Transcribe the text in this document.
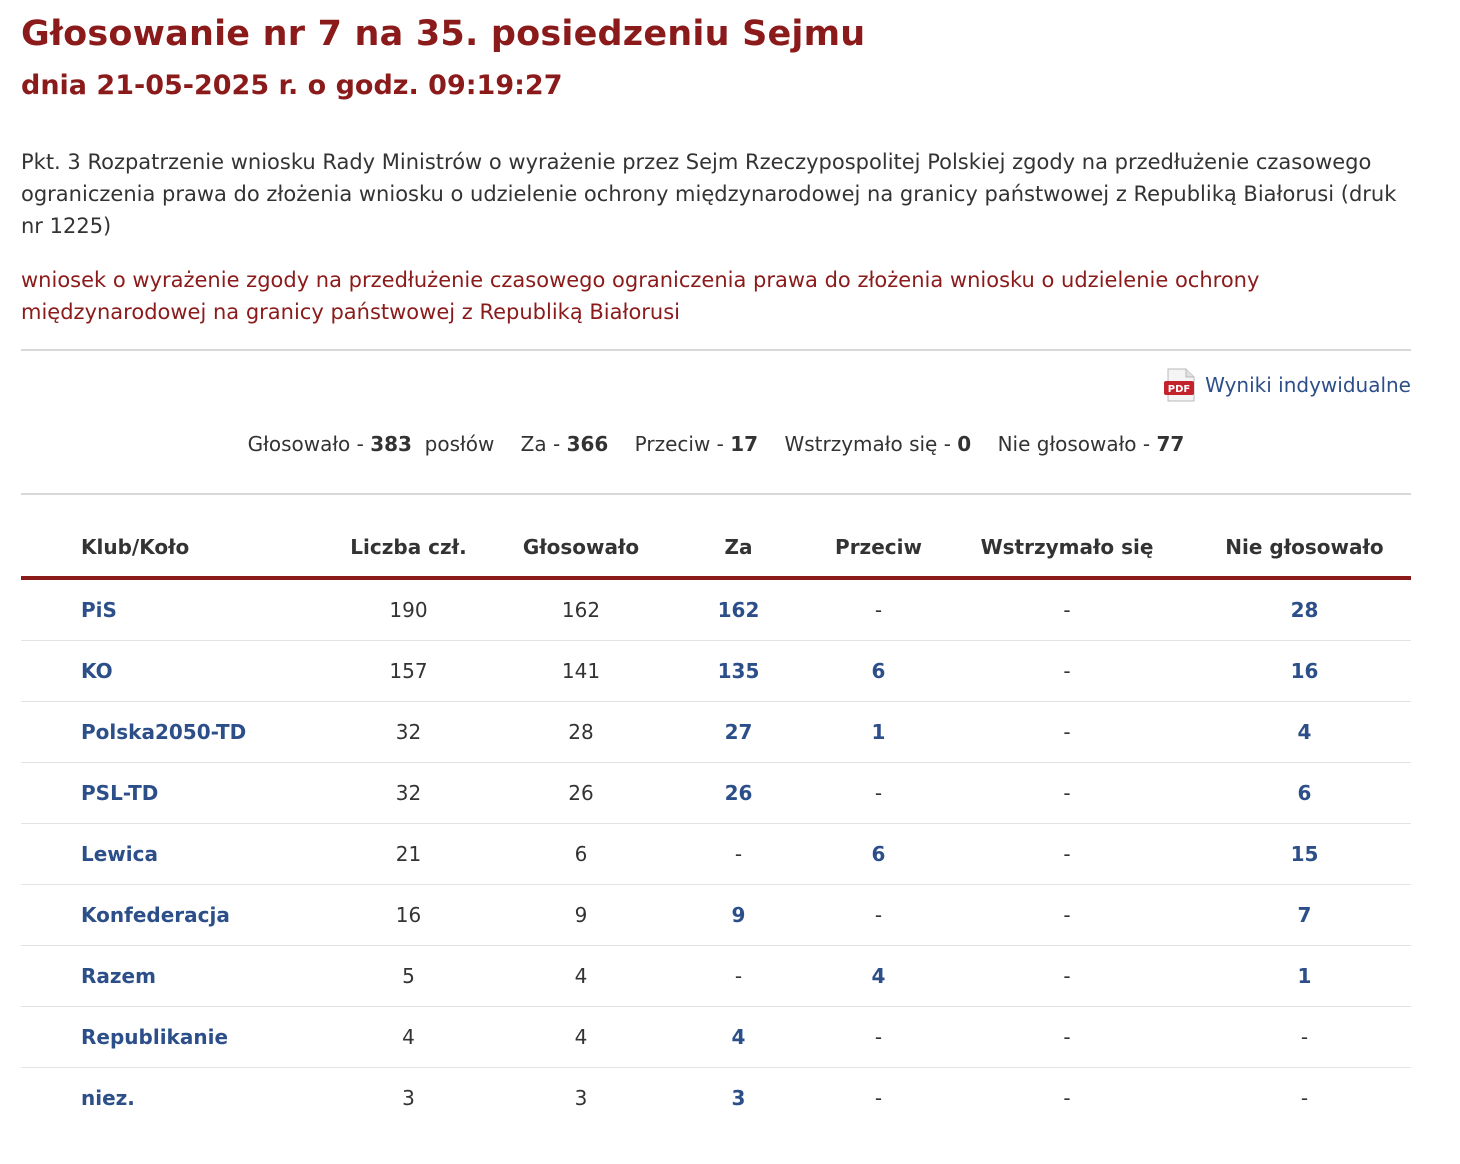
Głosowanie nr 7 na 35. posiedzeniu Sejmu
dnia 21-05-2025 r. o godz. 09:19:27
Pkt. 3 Rozpatrzenie wniosku Rady Ministrów o wyrażenie przez Sejm Rzeczypospolitej Polskiej zgody na przedłużenie czasowego ograniczenia prawa do złożenia wniosku o udzielenie ochrony międzynarodowej na granicy państwowej z Republiką Białorusi (druk nr 1225)
wniosek o wyrażenie zgody na przedłużenie czasowego ograniczenia prawa do złożenia wniosku o udzielenie ochrony międzynarodowej na granicy państwowej z Republiką Białorusi
PDF Wyniki indywidualne
Głosowało - 383 posłów Za - 366 Przeciw - 17 Wstrzymało się - 0 Nie głosowało - 77
Klub/Koło	Liczba czł.	Głosowało	Za	Przeciw	Wstrzymało się	Nie głosowało
PiS	190	162	162	-	-	28
KO	157	141	135	6	-	16
Polska2050-TD	32	28	27	1	-	4
PSL-TD	32	26	26	-	-	6
Lewica	21	6	-	6	-	15
Konfederacja	16	9	9	-	-	7
Razem	5	4	-	4	-	1
Republikanie	4	4	4	-	-	-
niez.	3	3	3	-	-	-
